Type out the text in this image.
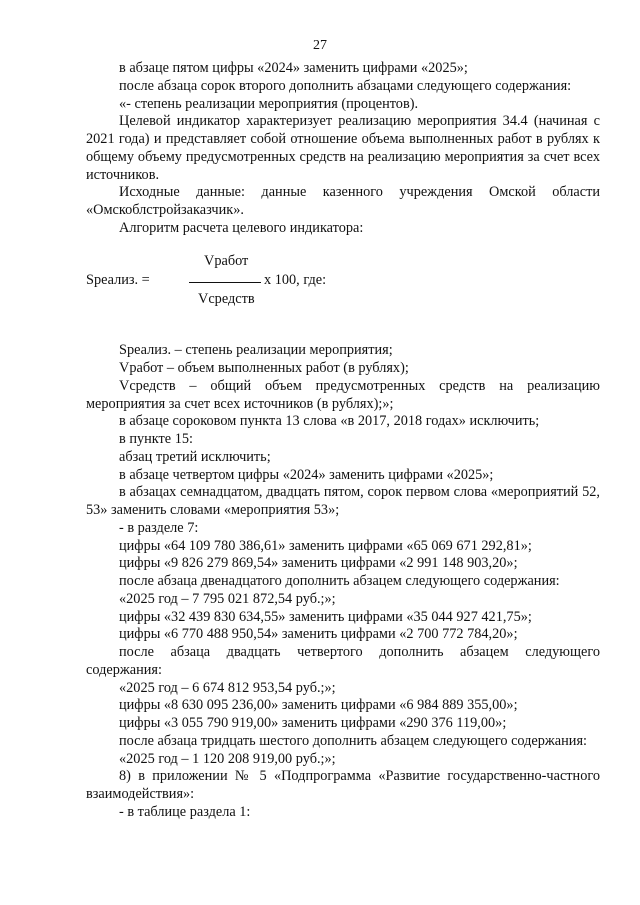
27

в абзаце пятом цифры «2024» заменить цифрами «2025»;

после абзаца сорок второго дополнить абзацами следующего содержания:

«- степень реализации мероприятия (процентов).

Целевой индикатор характеризует реализацию мероприятия 34.4 (начиная с 2021 года) и представляет собой отношение объема выполненных работ в рублях к общему объему предусмотренных средств на реализацию мероприятия за счет всех источников.

Исходные данные: данные казенного учреждения Омской области «Омскоблстройзаказчик».

Алгоритм расчета целевого индикатора:

Vработ
Sреализ. =	х 100, где:
Vсредств

Sреализ. – степень реализации мероприятия;

Vработ – объем выполненных работ (в рублях);

Vсредств – общий объем предусмотренных средств на реализацию мероприятия за счет всех источников (в рублях);»;

в абзаце сороковом пункта 13 слова «в 2017, 2018 годах» исключить;

в пункте 15:

абзац третий исключить;

в абзаце четвертом цифры «2024» заменить цифрами «2025»;

в абзацах семнадцатом, двадцать пятом, сорок первом слова «мероприятий 52, 53» заменить словами «мероприятия 53»;

- в разделе 7:

цифры «64 109 780 386,61» заменить цифрами «65 069 671 292,81»;

цифры «9 826 279 869,54» заменить цифрами «2 991 148 903,20»;

после абзаца двенадцатого дополнить абзацем следующего содержания:

«2025 год – 7 795 021 872,54 руб.;»;

цифры «32 439 830 634,55» заменить цифрами «35 044 927 421,75»;

цифры «6 770 488 950,54» заменить цифрами «2 700 772 784,20»;

после абзаца двадцать четвертого дополнить абзацем следующего содержания:

«2025 год – 6 674 812 953,54 руб.;»;

цифры «8 630 095 236,00» заменить цифрами «6 984 889 355,00»;

цифры «3 055 790 919,00» заменить цифрами «290 376 119,00»;

после абзаца тридцать шестого дополнить абзацем следующего содержания:

«2025 год – 1 120 208 919,00 руб.;»;

8) в приложении № 5 «Подпрограмма «Развитие государственно-частного взаимодействия»:

- в таблице раздела 1:
